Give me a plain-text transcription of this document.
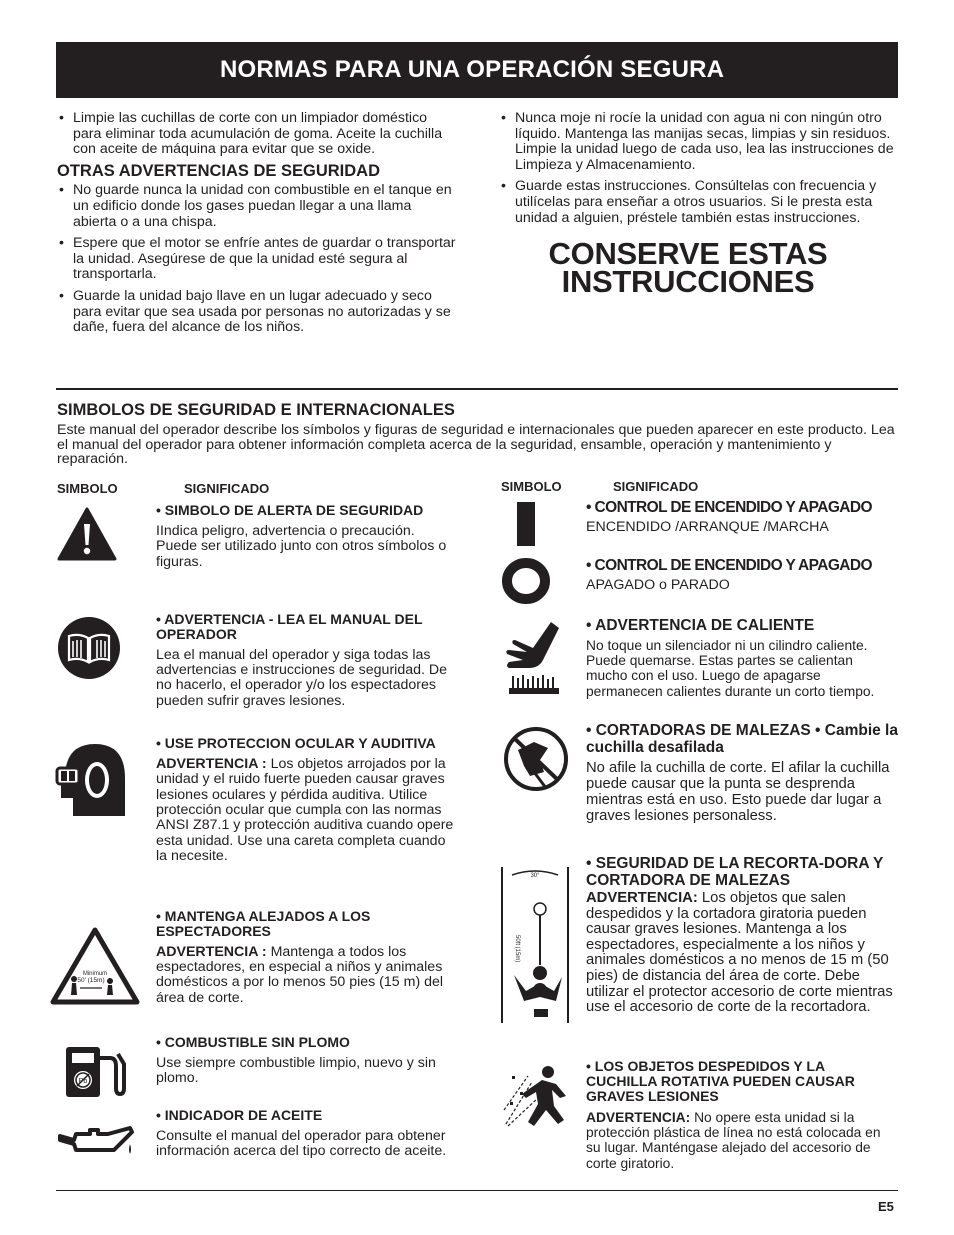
NORMAS PARA UNA OPERACIÓN SEGURA
• Limpie las cuchillas de corte con un limpiador doméstico para eliminar toda acumulación de goma. Aceite la cuchilla con aceite de máquina para evitar que se oxide.
OTRAS ADVERTENCIAS DE SEGURIDAD
• No guarde nunca la unidad con combustible en el tanque en un edificio donde los gases puedan llegar a una llama abierta o a una chispa.
• Espere que el motor se enfríe antes de guardar o transportar la unidad. Asegúrese de que la unidad esté segura al transportarla.
• Guarde la unidad bajo llave en un lugar adecuado y seco para evitar que sea usada por personas no autorizadas y se dañe, fuera del alcance de los niños.
• Nunca moje ni rocíe la unidad con agua ni con ningún otro líquido. Mantenga las manijas secas, limpias y sin residuos. Limpie la unidad luego de cada uso, lea las instrucciones de Limpieza y Almacenamiento.
• Guarde estas instrucciones. Consúltelas con frecuencia y utilícelas para enseñar a otros usuarios. Si le presta esta unidad a alguien, préstele también estas instrucciones.
CONSERVE ESTAS
INSTRUCCIONES
SIMBOLOS DE SEGURIDAD E INTERNACIONALES
Este manual del operador describe los símbolos y figuras de seguridad e internacionales que pueden aparecer en este producto. Lea el manual del operador para obtener información completa acerca de la seguridad, ensamble, operación y mantenimiento y reparación.
SIMBOLO	SIGNIFICADO	SIMBOLO	SIGNIFICADO
• SIMBOLO DE ALERTA DE SEGURIDAD

IIndica peligro, advertencia o precaución. Puede ser utilizado junto con otros símbolos o figuras.

• ADVERTENCIA - LEA EL MANUAL DEL OPERADOR

Lea el manual del operador y siga todas las advertencias e instrucciones de seguridad. De no hacerlo, el operador y/o los espectadores pueden sufrir graves lesiones.

• USE PROTECCION OCULAR Y AUDITIVA

ADVERTENCIA : Los objetos arrojados por la unidad y el ruido fuerte pueden causar graves lesiones oculares y pérdida auditiva. Utilice protección ocular que cumpla con las normas ANSI Z87.1 y protección auditiva cuando opere esta unidad. Use una careta completa cuando la necesite.

Minimum
50' (15m)
• MANTENGA ALEJADOS A LOS ESPECTADORES

ADVERTENCIA : Mantenga a todos los espectadores, en especial a niños y animales domésticos a por lo menos 50 pies (15 m) del área de corte.

Pb
• COMBUSTIBLE SIN PLOMO

Use siempre combustible limpio, nuevo y sin plomo.

• INDICADOR DE ACEITE

Consulte el manual del operador para obtener información acerca del tipo correcto de aceite.

• CONTROL DE ENCENDIDO Y APAGADO

ENCENDIDO /ARRANQUE /MARCHA

• CONTROL DE ENCENDIDO Y APAGADO

APAGADO o PARADO

• ADVERTENCIA DE CALIENTE

No toque un silenciador ni un cilindro caliente. Puede quemarse. Estas partes se calientan mucho con el uso. Luego de apagarse permanecen calientes durante un corto tiempo.

• CORTADORAS DE MALEZAS • Cambie la cuchilla desafilada

No afile la cuchilla de corte. El afilar la cuchilla puede causar que la punta se desprenda mientras está en uso. Esto puede dar lugar a graves lesiones personaless.

30°
50ft (15m)
• SEGURIDAD DE LA RECORTA-DORA Y CORTADORA DE MALEZAS

ADVERTENCIA: Los objetos que salen despedidos y la cortadora giratoria pueden causar graves lesiones. Mantenga a los espectadores, especialmente a los niños y animales domésticos a no menos de 15 m (50 pies) de distancia del área de corte. Debe utilizar el protector accesorio de corte mientras use el accesorio de corte de la recortadora.

• LOS OBJETOS DESPEDIDOS Y LA CUCHILLA ROTATIVA PUEDEN CAUSAR GRAVES LESIONES

ADVERTENCIA: No opere esta unidad si la protección plástica de línea no está colocada en su lugar. Manténgase alejado del accesorio de corte giratorio.

E5
